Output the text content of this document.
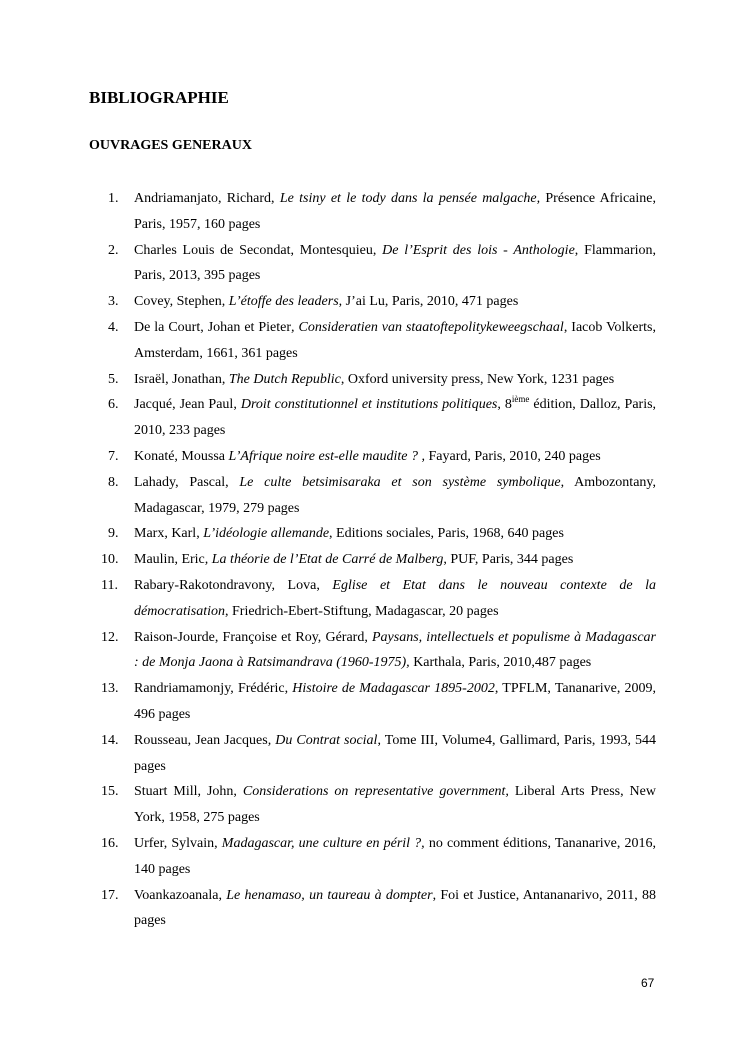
BIBLIOGRAPHIE
OUVRAGES GENERAUX
1. Andriamanjato, Richard, Le tsiny et le tody dans la pensée malgache, Présence Africaine, Paris, 1957, 160 pages
2. Charles Louis de Secondat, Montesquieu, De l’Esprit des lois - Anthologie, Flammarion, Paris, 2013, 395 pages
3. Covey, Stephen, L’étoffe des leaders, J’ai Lu, Paris, 2010, 471 pages
4. De la Court, Johan et Pieter, Consideratien van staatoftepolitykeweegschaal, Iacob Volkerts, Amsterdam, 1661, 361 pages
5. Israël, Jonathan, The Dutch Republic, Oxford university press, New York, 1231 pages
6. Jacqué, Jean Paul, Droit constitutionnel et institutions politiques, 8ième édition, Dalloz, Paris, 2010, 233 pages
7. Konaté, Moussa L’Afrique noire est-elle maudite ? , Fayard, Paris, 2010, 240 pages
8. Lahady, Pascal, Le culte betsimisaraka et son système symbolique, Ambozontany, Madagascar, 1979, 279 pages
9. Marx, Karl, L’idéologie allemande, Editions sociales, Paris, 1968, 640 pages
10. Maulin, Eric, La théorie de l’Etat de Carré de Malberg, PUF, Paris, 344 pages
11. Rabary-Rakotondravony, Lova, Eglise et Etat dans le nouveau contexte de la démocratisation, Friedrich-Ebert-Stiftung, Madagascar, 20 pages
12. Raison-Jourde, Françoise et Roy, Gérard, Paysans, intellectuels et populisme à Madagascar : de Monja Jaona à Ratsimandrava (1960-1975), Karthala, Paris, 2010,487 pages
13. Randriamamonjy, Frédéric, Histoire de Madagascar 1895-2002, TPFLM, Tananarive, 2009, 496 pages
14. Rousseau, Jean Jacques, Du Contrat social, Tome III, Volume4, Gallimard, Paris, 1993, 544 pages
15. Stuart Mill, John, Considerations on representative government, Liberal Arts Press, New York, 1958, 275 pages
16. Urfer, Sylvain, Madagascar, une culture en péril ?, no comment éditions, Tananarive, 2016, 140 pages
17. Voankazoanala, Le henamaso, un taureau à dompter, Foi et Justice, Antananarivo, 2011, 88 pages

67
